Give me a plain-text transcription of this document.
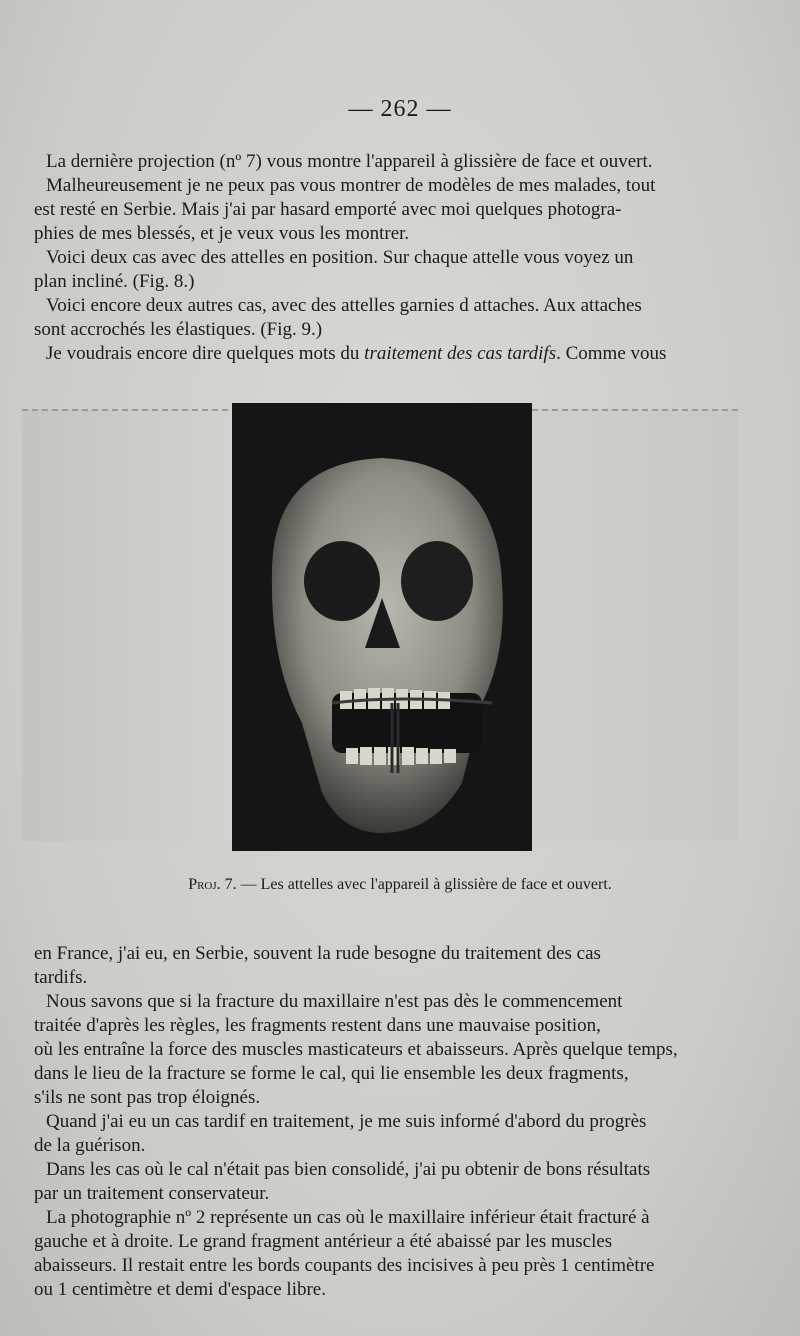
— 262 —
La dernière projection (nº 7) vous montre l'appareil à glissière de face et ouvert.
Malheureusement je ne peux pas vous montrer de modèles de mes malades, tout
est resté en Serbie. Mais j'ai par hasard emporté avec moi quelques photogra-
phies de mes blessés, et je veux vous les montrer.
Voici deux cas avec des attelles en position. Sur chaque attelle vous voyez un
plan incliné. (Fig. 8.)
Voici encore deux autres cas, avec des attelles garnies d attaches. Aux attaches
sont accrochés les élastiques. (Fig. 9.)
Je voudrais encore dire quelques mots du traitement des cas tardifs. Comme vous
Proj. 7. — Les attelles avec l'appareil à glissière de face et ouvert.
en France, j'ai eu, en Serbie, souvent la rude besogne du traitement des cas
tardifs.
Nous savons que si la fracture du maxillaire n'est pas dès le commencement
traitée d'après les règles, les fragments restent dans une mauvaise position,
où les entraîne la force des muscles masticateurs et abaisseurs. Après quelque temps,
dans le lieu de la fracture se forme le cal, qui lie ensemble les deux fragments,
s'ils ne sont pas trop éloignés.
Quand j'ai eu un cas tardif en traitement, je me suis informé d'abord du progrès
de la guérison.
Dans les cas où le cal n'était pas bien consolidé, j'ai pu obtenir de bons résultats
par un traitement conservateur.
La photographie nº 2 représente un cas où le maxillaire inférieur était fracturé à
gauche et à droite. Le grand fragment antérieur a été abaissé par les muscles
abaisseurs. Il restait entre les bords coupants des incisives à peu près 1 centimètre
ou 1 centimètre et demi d'espace libre.
